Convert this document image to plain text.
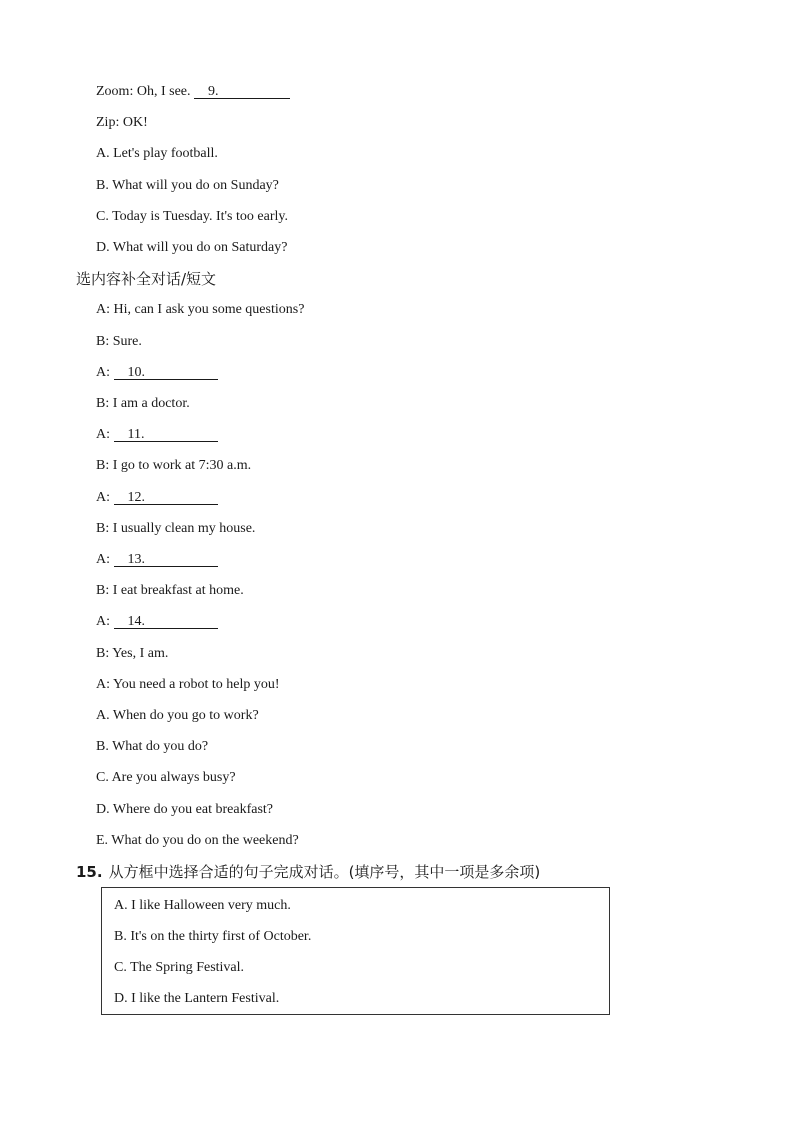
Zoom: Oh, I see. 9.
Zip: OK!
A. Let's play football.
B. What will you do on Sunday?
C. Today is Tuesday. It's too early.
D. What will you do on Saturday?
选内容补全对话/短文
A: Hi, can I ask you some questions?
B: Sure.
A: 10.
B: I am a doctor.
A: 11.
B: I go to work at 7:30 a.m.
A: 12.
B: I usually clean my house.
A: 13.
B: I eat breakfast at home.
A: 14.
B: Yes, I am.
A: You need a robot to help you!
A. When do you go to work?
B. What do you do?
C. Are you always busy?
D. Where do you eat breakfast?
E. What do you do on the weekend?
15. 从方框中选择合适的句子完成对话。(填序号，其中一项是多余项)
A. I like Halloween very much.
B. It's on the thirty first of October.
C. The Spring Festival.
D. I like the Lantern Festival.
